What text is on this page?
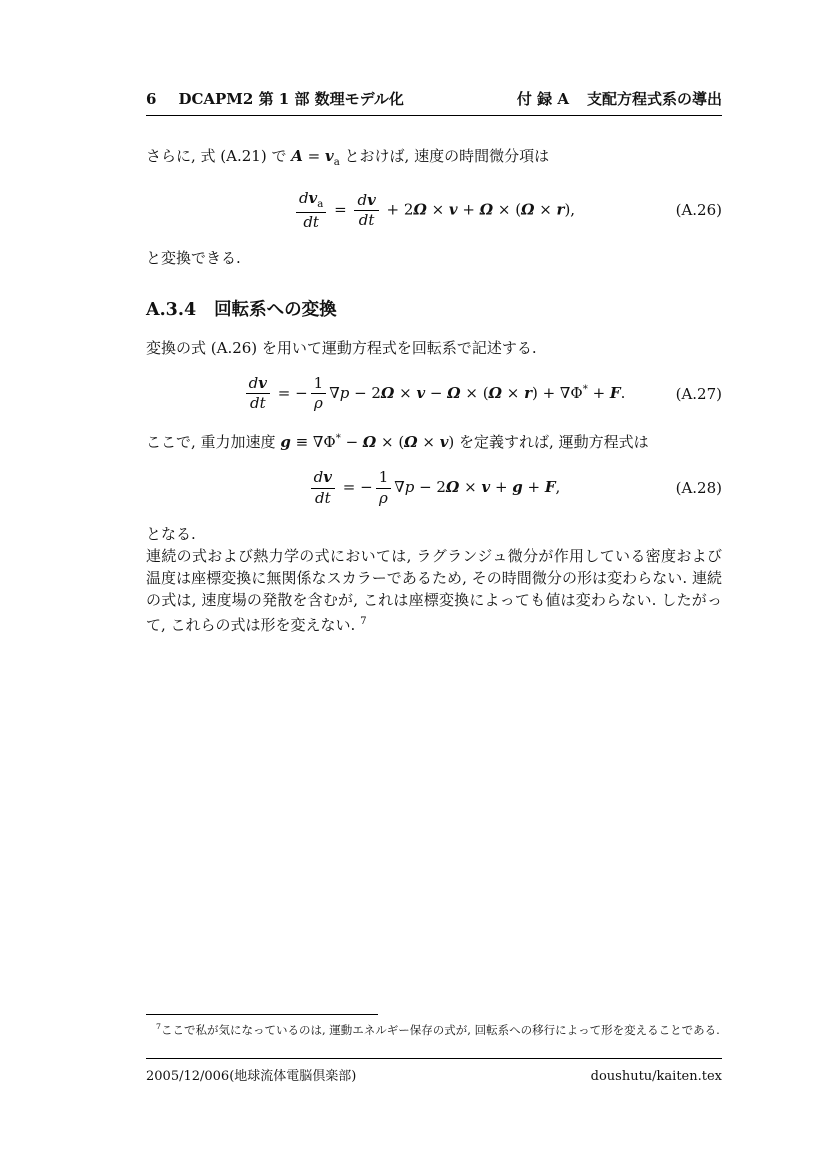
6 DCAPM2 第 1 部 数理モデル化	付 録 A 支配方程式系の導出

さらに, 式 (A.21) で $A = v_a$ とおけば, 速度の時間微分項は

$\frac{dv_a}{dt} = \frac{dv}{dt} + 2\Omega \times v + \Omega \times (\Omega \times r)$,	(A.26)

と変換できる.

A.3.4 回転系への変換

変換の式 (A.26) を用いて運動方程式を回転系で記述する.

$\frac{dv}{dt}$ = − $\frac{1}{\rho} \nabla p - 2\Omega \times v - \Omega \times (\Omega \times r) + \nabla\Phi^* + F$.	(A.27)

ここで, 重力加速度 g ≡ ∇Φ* − Ω × (Ω × v) を定義すれば, 運動方程式は

$\frac{dv}{dt}$ = − $\frac{1}{\rho} \nabla p - 2\Omega \times v + g + F$,	(A.28)

となる.

連続の式および熱力学の式においては, ラグランジュ微分が作用している密度および温度は座標変換に無関係なスカラーであるため, その時間微分の形は変わらない. 連続の式は, 速度場の発散を含むが, これは座標変換によっても値は変わらない. したがって, これらの式は形を変えない. $^7$

$^7$ここで私が気になっているのは, 運動エネルギー保存の式が, 回転系への移行によって形を変えることである.
2005/12/006(地球流体電脳倶楽部)	doushutu/kaiten.tex
